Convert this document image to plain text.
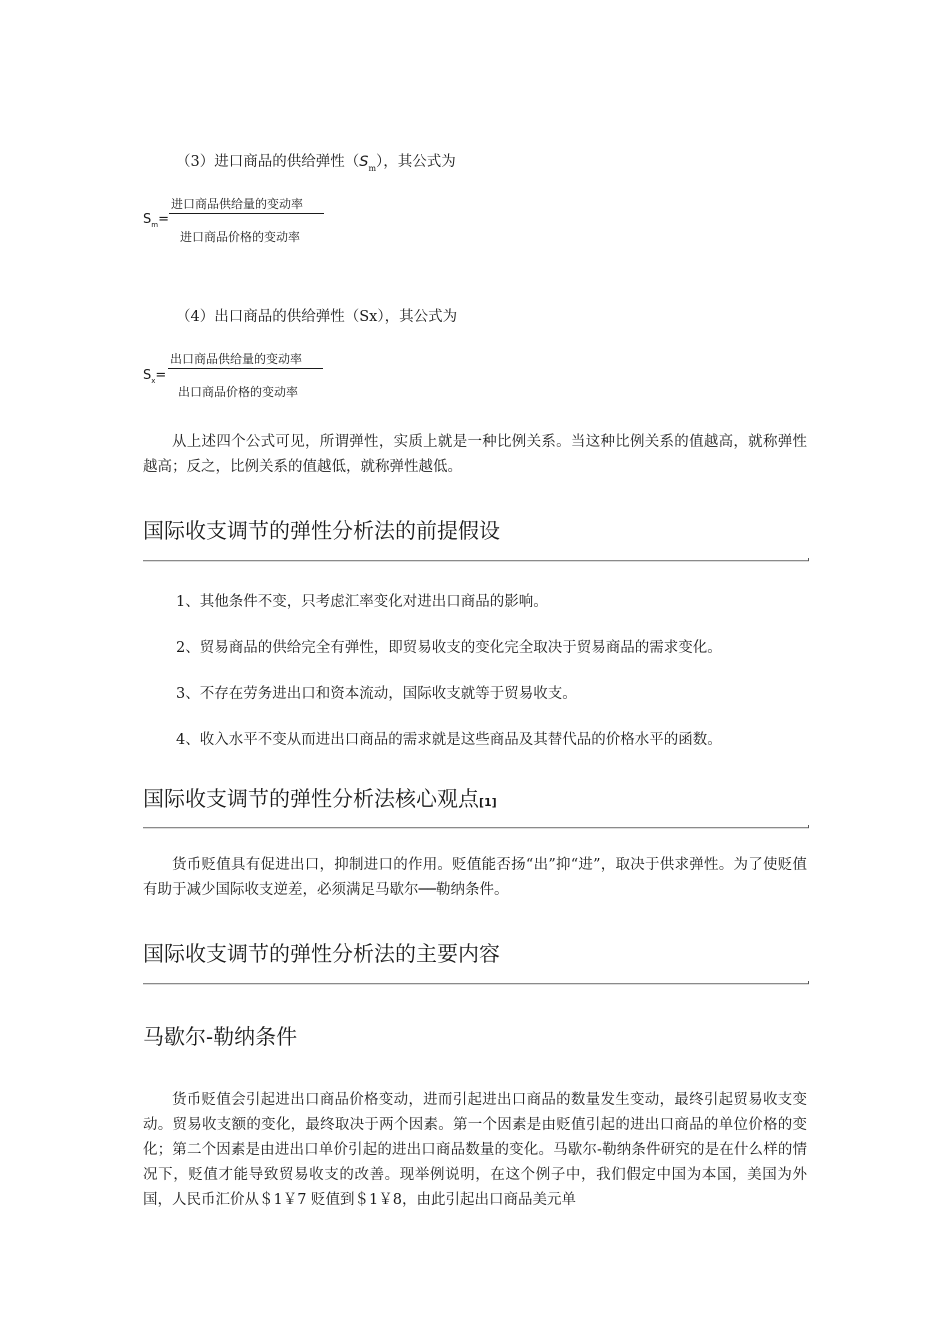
（3）进口商品的供给弹性$(S_m)$，其公式为
进口商品供给量的变动率
$S_m=$
进口商品价格的变动率
（4）出口商品的供给弹性（Sx），其公式为
出口商品供给量的变动率
$S_x=$
出口商品价格的变动率

从上述四个公式可见，所谓弹性，实质上就是一种比例关系。当这种比例关系的值越高，就称弹性越高；反之，比例关系的值越低，就称弹性越低。

国际收支调节的弹性分析法的前提假设
1、其他条件不变，只考虑汇率变化对进出口商品的影响。
2、贸易商品的供给完全有弹性，即贸易收支的变化完全取决于贸易商品的需求变化。
3、不存在劳务进出口和资本流动，国际收支就等于贸易收支。
4、收入水平不变从而进出口商品的需求就是这些商品及其替代品的价格水平的函数。
国际收支调节的弹性分析法核心观点[1]

货币贬值具有促进出口，抑制进口的作用。贬值能否扬“出”抑“进”，取决于供求弹性。为了使贬值有助于减少国际收支逆差，必须满足马歇尔──勒纳条件。

国际收支调节的弹性分析法的主要内容
马歇尔-勒纳条件

货币贬值会引起进出口商品价格变动，进而引起进出口商品的数量发生变动，最终引起贸易收支变动。贸易收支额的变化，最终取决于两个因素。第一个因素是由贬值引起的进出口商品的单位价格的变化；第二个因素是由进出口单价引起的进出口商品数量的变化。马歇尔-勒纳条件研究的是在什么样的情况下，贬值才能导致贸易收支的改善。现举例说明，在这个例子中，我们假定中国为本国，美国为外国，人民币汇价从＄1￥7 贬值到＄1￥8，由此引起出口商品美元单
